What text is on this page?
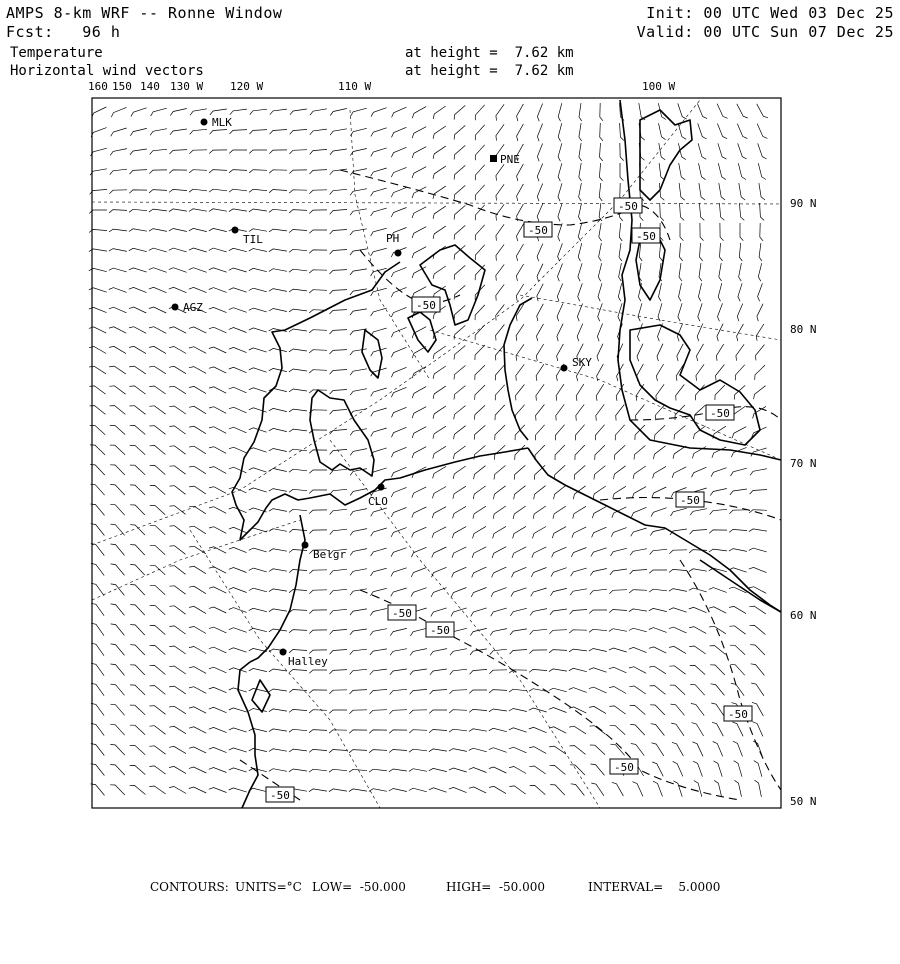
AMPS 8-km WRF -- Ronne Window
Fcst:   96 h
Init: 00 UTC Wed 03 Dec 25
Valid: 00 UTC Sun 07 Dec 25
Temperature	at height =  7.62 km
Horizontal wind vectors	at height =  7.62 km
MLK
PNE
TIL	PH
AGZ
SKY
CLO
Belgr
Halley
-50
-50
-50
-50
-50
-50
-50
-50
-50
-50
-50
160 150 140 130 W 120 W	110 W	100 W
90 N
80 N
70 N
60 N
50 N

CONTOURS:

UNITS=°C

LOW=  -50.000

	HIGH=  -50.000

	INTERVAL=    5.0000
